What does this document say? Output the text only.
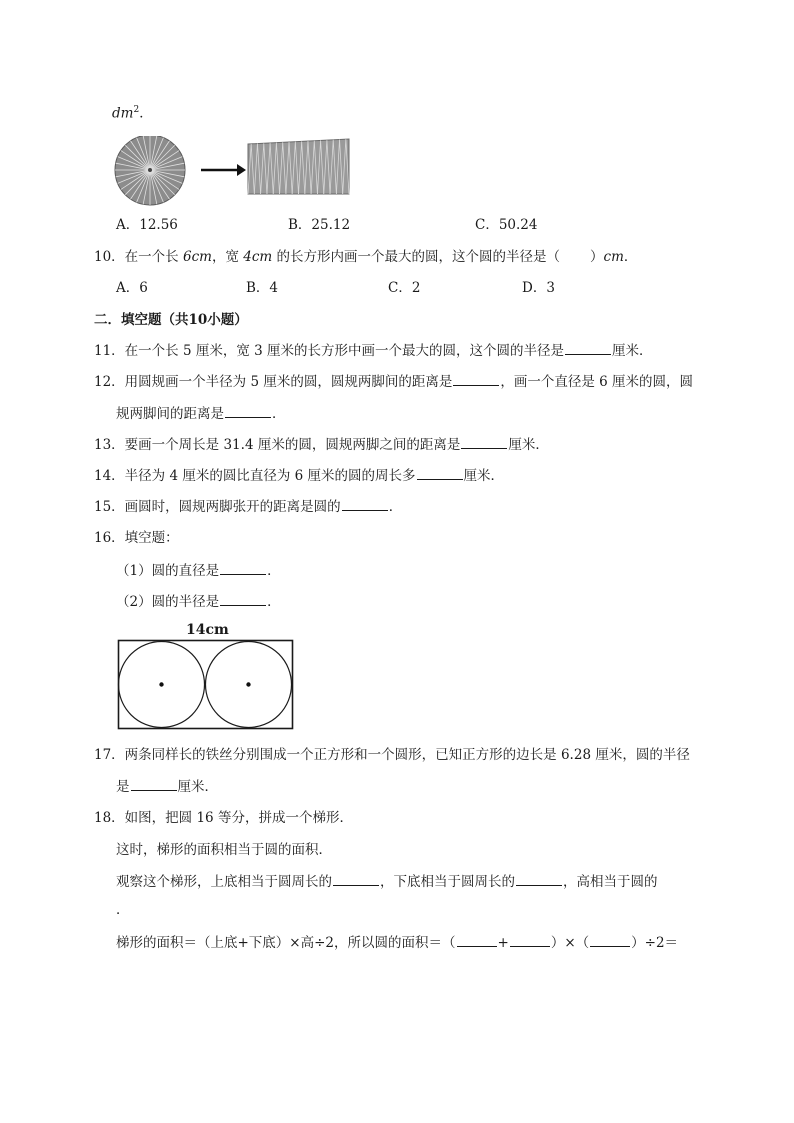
$dm^2$．
A．12.56	B．25.12	C．50.24
10．在一个长 6cm，宽 4cm 的长方形内画一个最大的圆，这个圆的半径是（ ）cm．
A．6	B．4	C．2	D．3
二．填空题（共10小题）
11．在一个长 5 厘米，宽 3 厘米的长方形中画一个最大的圆，这个圆的半径是	厘米．
12．用圆规画一个半径为 5 厘米的圆，圆规两脚间的距离是	，画一个直径是 6 厘米的圆，圆
规两脚间的距离是	．
13．要画一个周长是 31.4 厘米的圆，圆规两脚之间的距离是	厘米．
14．半径为 4 厘米的圆比直径为 6 厘米的圆的周长多	厘米．
15．画圆时，圆规两脚张开的距离是圆的	．
16．填空题：
（1）圆的直径是	．
（2）圆的半径是	．
14cm
17．两条同样长的铁丝分别围成一个正方形和一个圆形，已知正方形的边长是 6.28 厘米，圆的半径
是	厘米．
18．如图，把圆 16 等分，拼成一个梯形．
这时，梯形的面积相当于圆的面积．
观察这个梯形，上底相当于圆周长的	，下底相当于圆周长的	，高相当于圆的
．
梯形的面积＝（上底+下底）×高÷2，所以圆的面积＝（	+	）×（	）÷2＝
